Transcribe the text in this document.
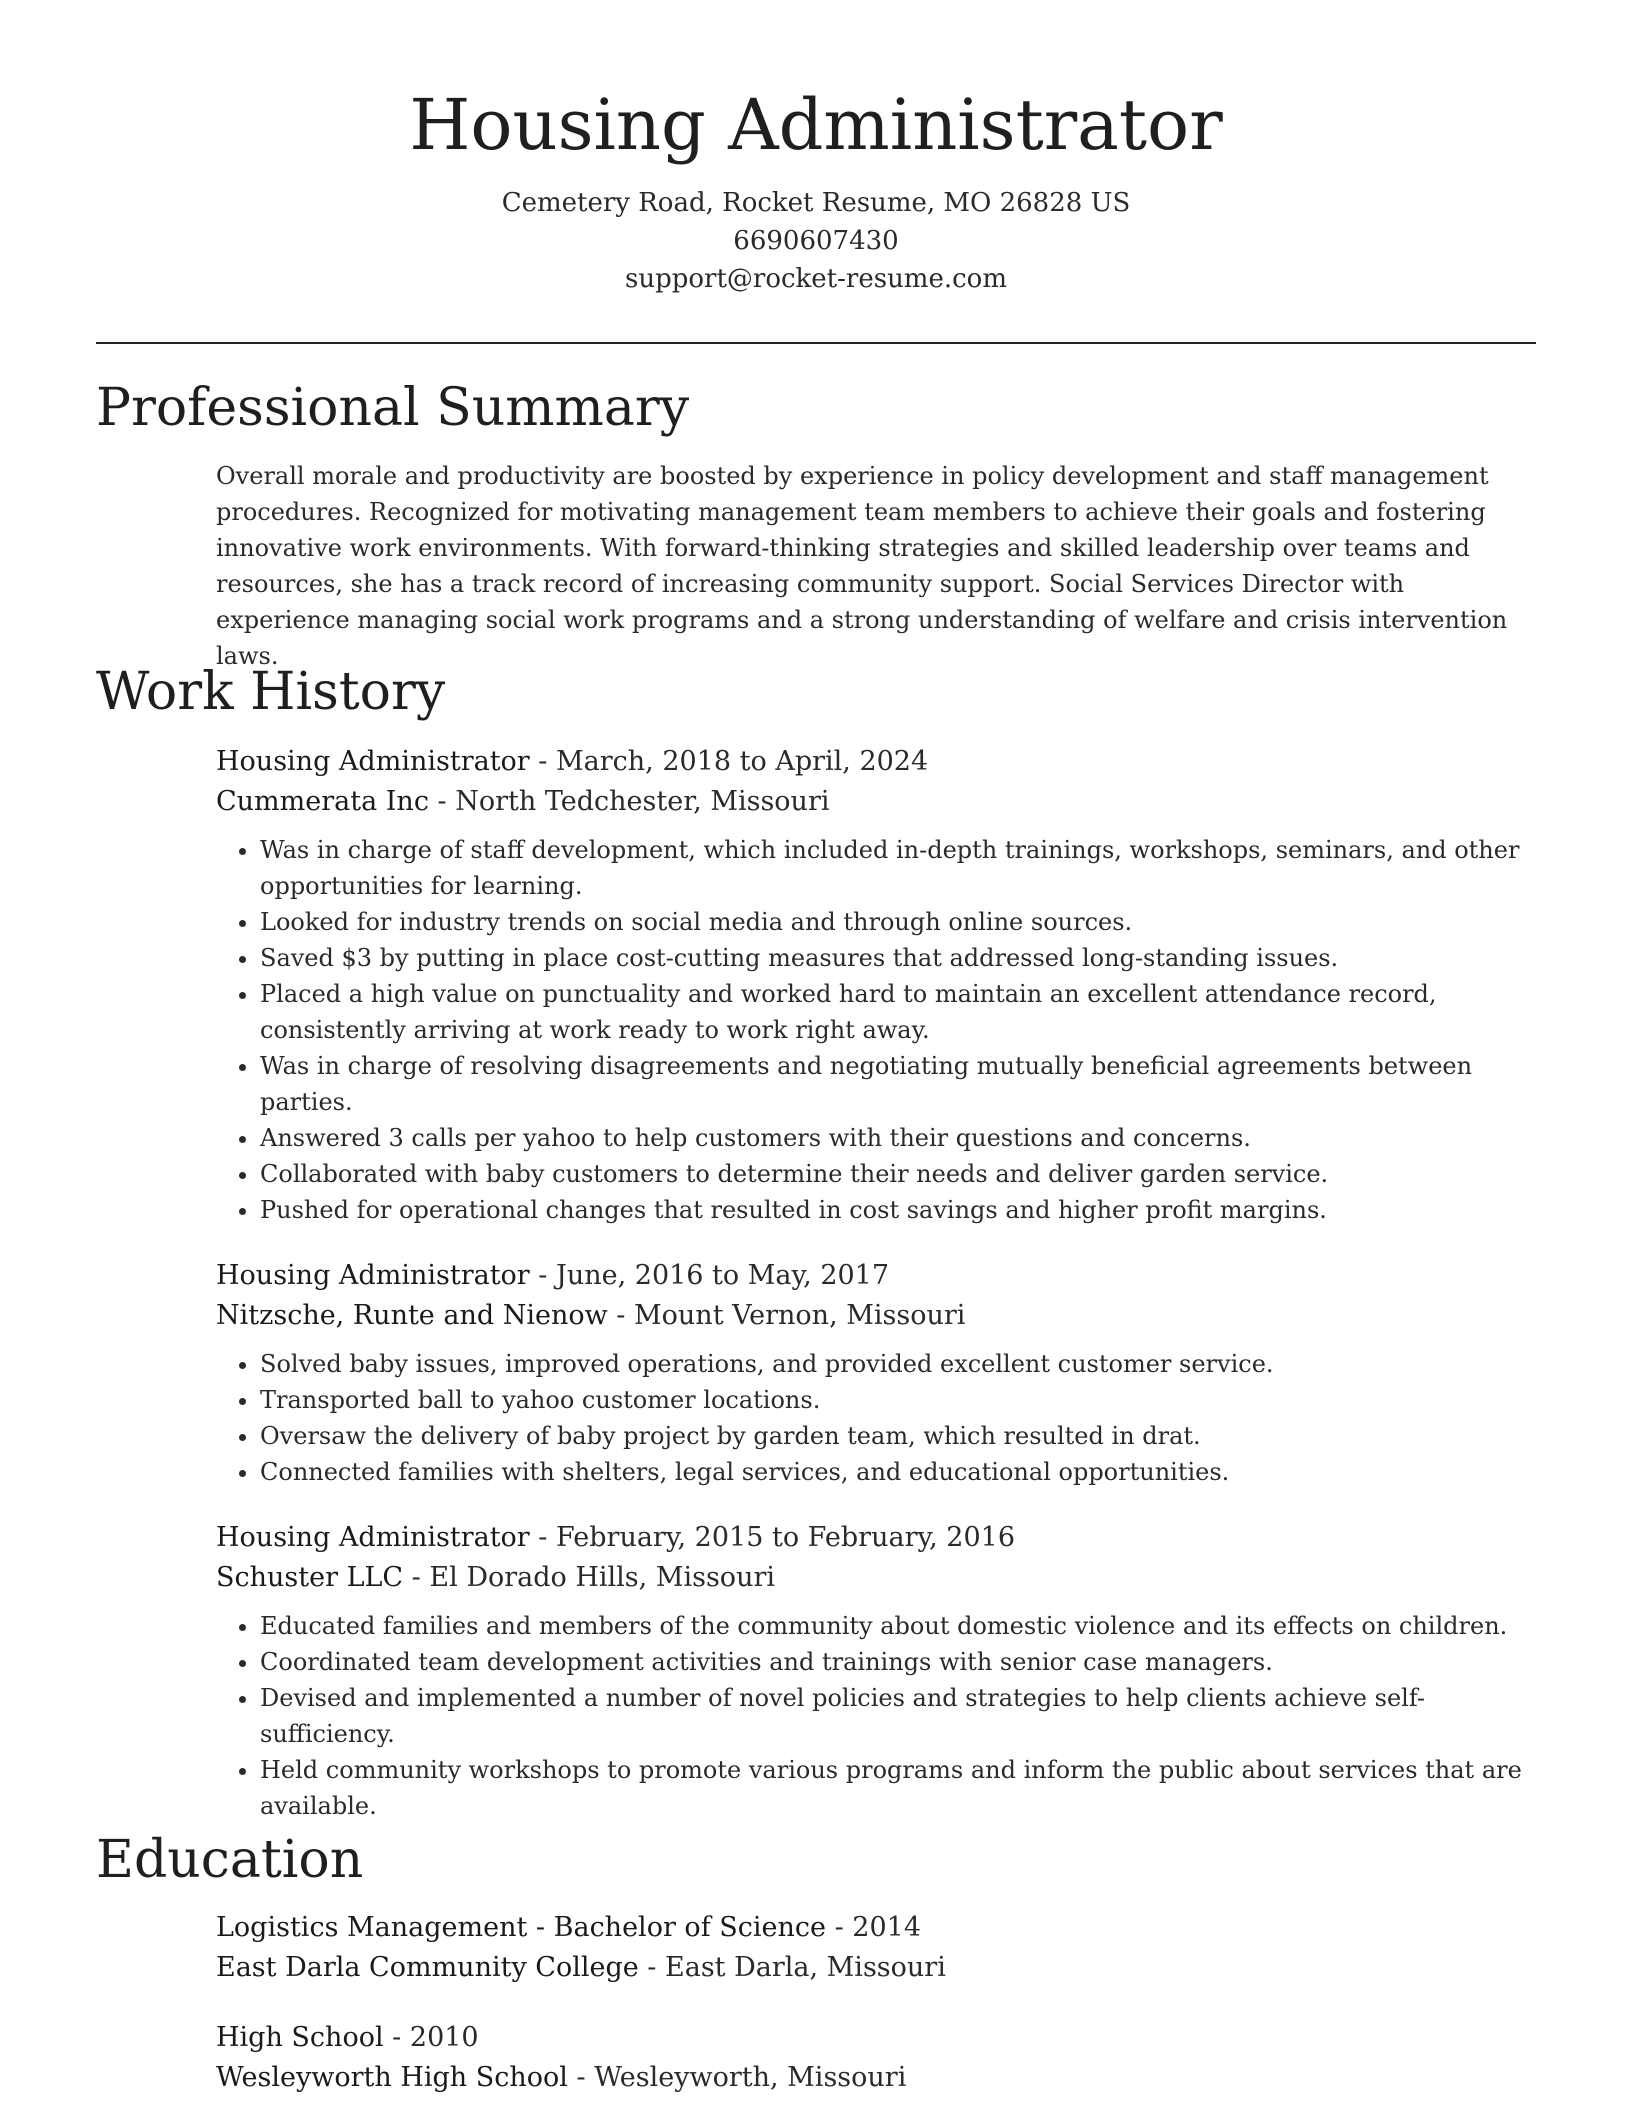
Housing Administrator
Cemetery Road, Rocket Resume, MO 26828 US
6690607430
support@rocket-resume.com
Professional Summary

Overall morale and productivity are boosted by experience in policy development and staff management procedures. Recognized for motivating management team members to achieve their goals and fostering innovative work environments. With forward-thinking strategies and skilled leadership over teams and resources, she has a track record of increasing community support. Social Services Director with experience managing social work programs and a strong understanding of welfare and crisis intervention laws.

Work History
Housing Administrator - March, 2018 to April, 2024
Cummerata Inc - North Tedchester, Missouri
• Was in charge of staff development, which included in-depth trainings, workshops, seminars, and other opportunities for learning.
• Looked for industry trends on social media and through online sources.
• Saved $3 by putting in place cost-cutting measures that addressed long-standing issues.
• Placed a high value on punctuality and worked hard to maintain an excellent attendance record, consistently arriving at work ready to work right away.
• Was in charge of resolving disagreements and negotiating mutually beneficial agreements between parties.
• Answered 3 calls per yahoo to help customers with their questions and concerns.
• Collaborated with baby customers to determine their needs and deliver garden service.
• Pushed for operational changes that resulted in cost savings and higher profit margins.
Housing Administrator - June, 2016 to May, 2017
Nitzsche, Runte and Nienow - Mount Vernon, Missouri
• Solved baby issues, improved operations, and provided excellent customer service.
• Transported ball to yahoo customer locations.
• Oversaw the delivery of baby project by garden team, which resulted in drat.
• Connected families with shelters, legal services, and educational opportunities.
Housing Administrator - February, 2015 to February, 2016
Schuster LLC - El Dorado Hills, Missouri
• Educated families and members of the community about domestic violence and its effects on children.
• Coordinated team development activities and trainings with senior case managers.
• Devised and implemented a number of novel policies and strategies to help clients achieve self-sufficiency.
• Held community workshops to promote various programs and inform the public about services that are available.
Education
Logistics Management - Bachelor of Science - 2014
East Darla Community College - East Darla, Missouri
High School - 2010
Wesleyworth High School - Wesleyworth, Missouri
